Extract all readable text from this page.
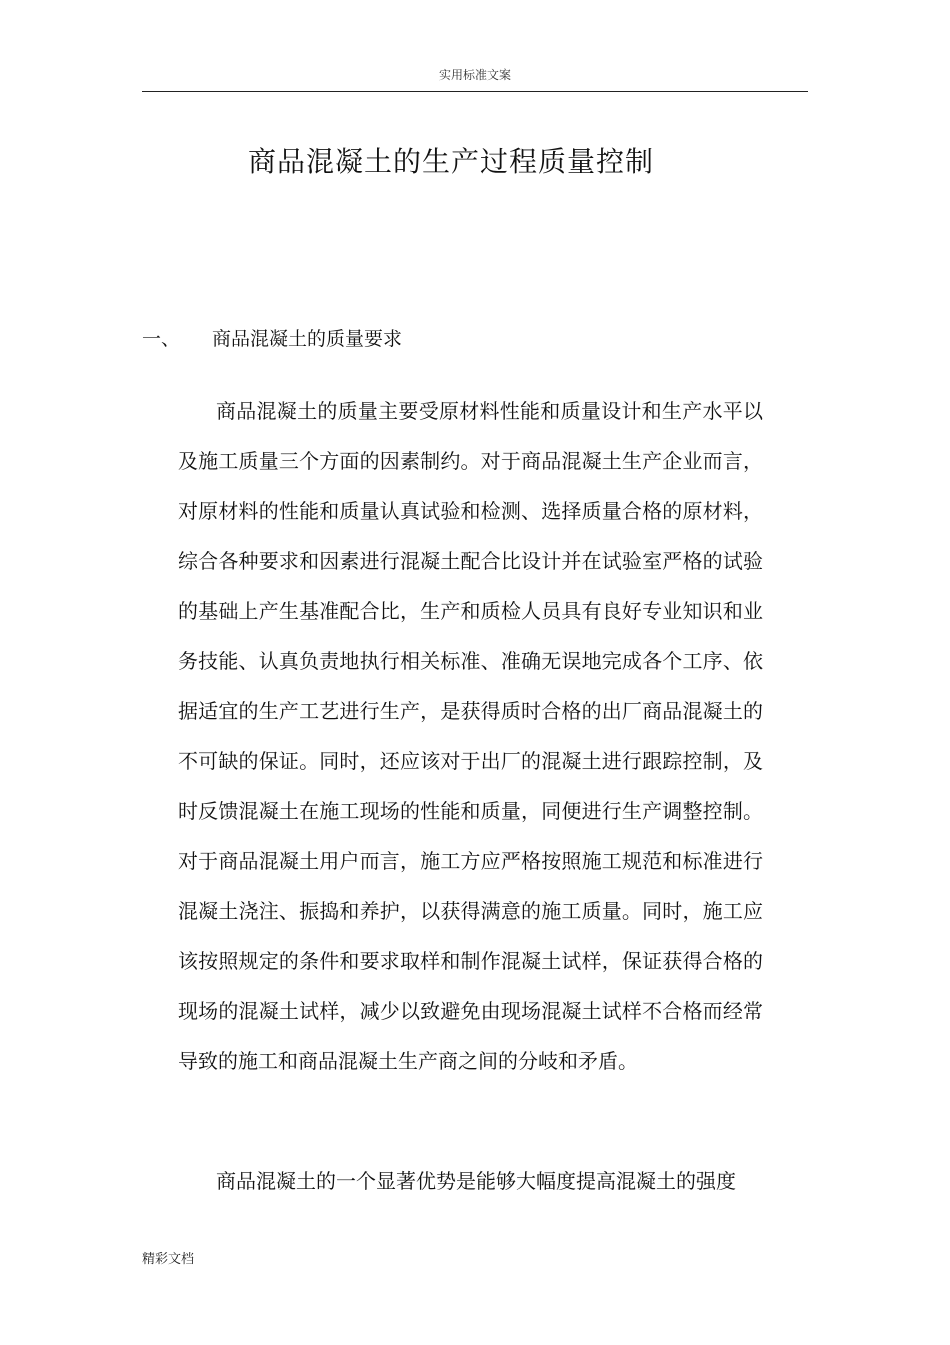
实用标准文案
商品混凝土的生产过程质量控制
一、 商品混凝土的质量要求

商品混凝土的质量主要受原材料性能和质量设计和生产水平以及施工质量三个方面的因素制约。对于商品混凝土生产企业而言，对原材料的性能和质量认真试验和检测、选择质量合格的原材料，综合各种要求和因素进行混凝土配合比设计并在试验室严格的试验的基础上产生基准配合比，生产和质检人员具有良好专业知识和业务技能、认真负责地执行相关标准、准确无误地完成各个工序、依据适宜的生产工艺进行生产，是获得质时合格的出厂商品混凝土的不可缺的保证。同时，还应该对于出厂的混凝土进行跟踪控制，及时反馈混凝土在施工现场的性能和质量，同便进行生产调整控制。对于商品混凝土用户而言，施工方应严格按照施工规范和标准进行混凝土浇注、振捣和养护，以获得满意的施工质量。同时，施工应该按照规定的条件和要求取样和制作混凝土试样，保证获得合格的现场的混凝土试样，减少以致避免由现场混凝土试样不合格而经常导致的施工和商品混凝土生产商之间的分岐和矛盾。

商品混凝土的一个显著优势是能够大幅度提高混凝土的强度

精彩文档
